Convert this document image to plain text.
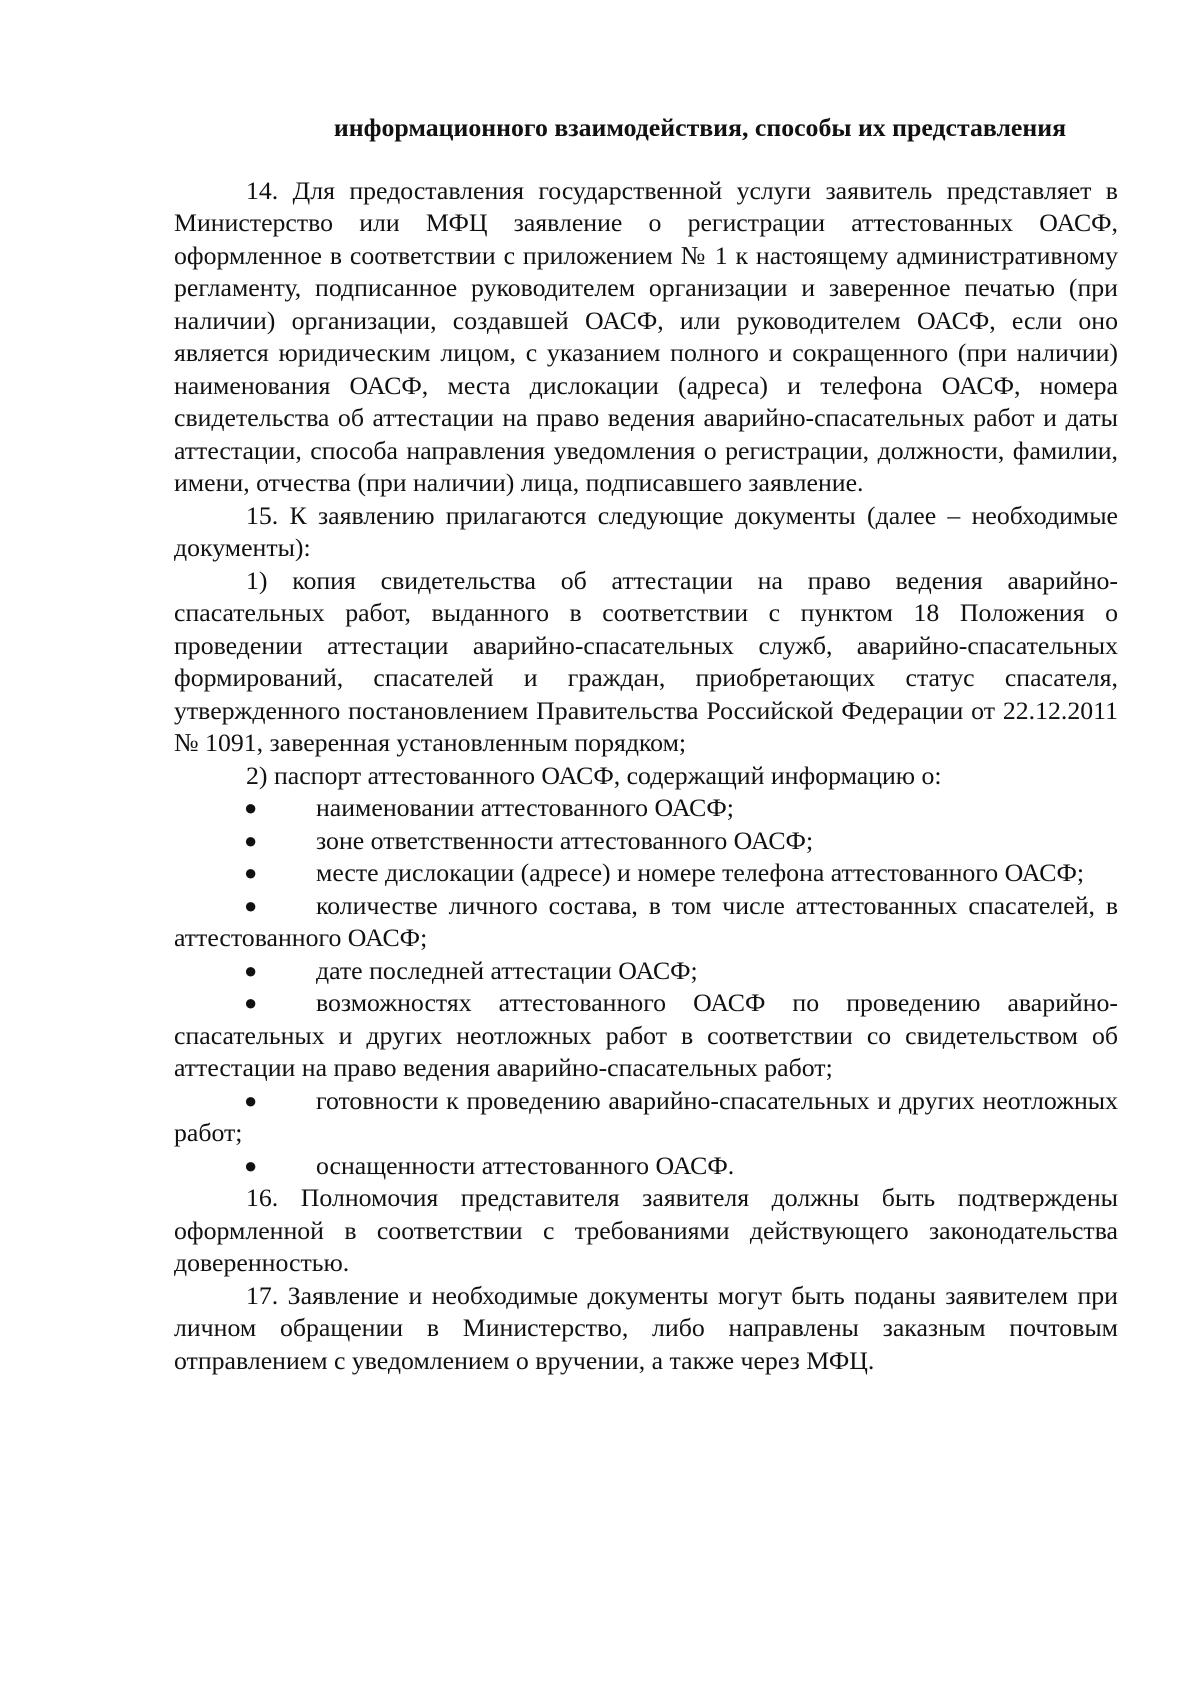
информационного взаимодействия, способы их представления

14. Для предоставления государственной услуги заявитель представляет в Министерство или МФЦ заявление о регистрации аттестованных ОАСФ, оформленное в соответствии с приложением № 1 к настоящему административному регламенту, подписанное руководителем организации и заверенное печатью (при наличии) организации, создавшей ОАСФ, или руководителем ОАСФ, если оно является юридическим лицом, с указанием полного и сокращенного (при наличии) наименования ОАСФ, места дислокации (адреса) и телефона ОАСФ, номера свидетельства об аттестации на право ведения аварийно-спасательных работ и даты аттестации, способа направления уведомления о регистрации, должности, фамилии, имени, отчества (при наличии) лица, подписавшего заявление.

15. К заявлению прилагаются следующие документы (далее – необходимые документы):

1) копия свидетельства об аттестации на право ведения аварийно-спасательных работ, выданного в соответствии с пунктом 18 Положения о проведении аттестации аварийно-спасательных служб, аварийно-спасательных формирований, спасателей и граждан, приобретающих статус спасателя, утвержденного постановлением Правительства Российской Федерации от 22.12.2011 № 1091, заверенная установленным порядком;

2) паспорт аттестованного ОАСФ, содержащий информацию о:

● наименовании аттестованного ОАСФ;

● зоне ответственности аттестованного ОАСФ;

● месте дислокации (адресе) и номере телефона аттестованного ОАСФ;

● количестве личного состава, в том числе аттестованных спасателей, в аттестованного ОАСФ;

● дате последней аттестации ОАСФ;

● возможностях аттестованного ОАСФ по проведению аварийно-спасательных и других неотложных работ в соответствии со свидетельством об аттестации на право ведения аварийно-спасательных работ;

● готовности к проведению аварийно-спасательных и других неотложных работ;

● оснащенности аттестованного ОАСФ.

16. Полномочия представителя заявителя должны быть подтверждены оформленной в соответствии с требованиями действующего законодательства доверенностью.

17. Заявление и необходимые документы могут быть поданы заявителем при личном обращении в Министерство, либо направлены заказным почтовым отправлением с уведомлением о вручении, а также через МФЦ.
